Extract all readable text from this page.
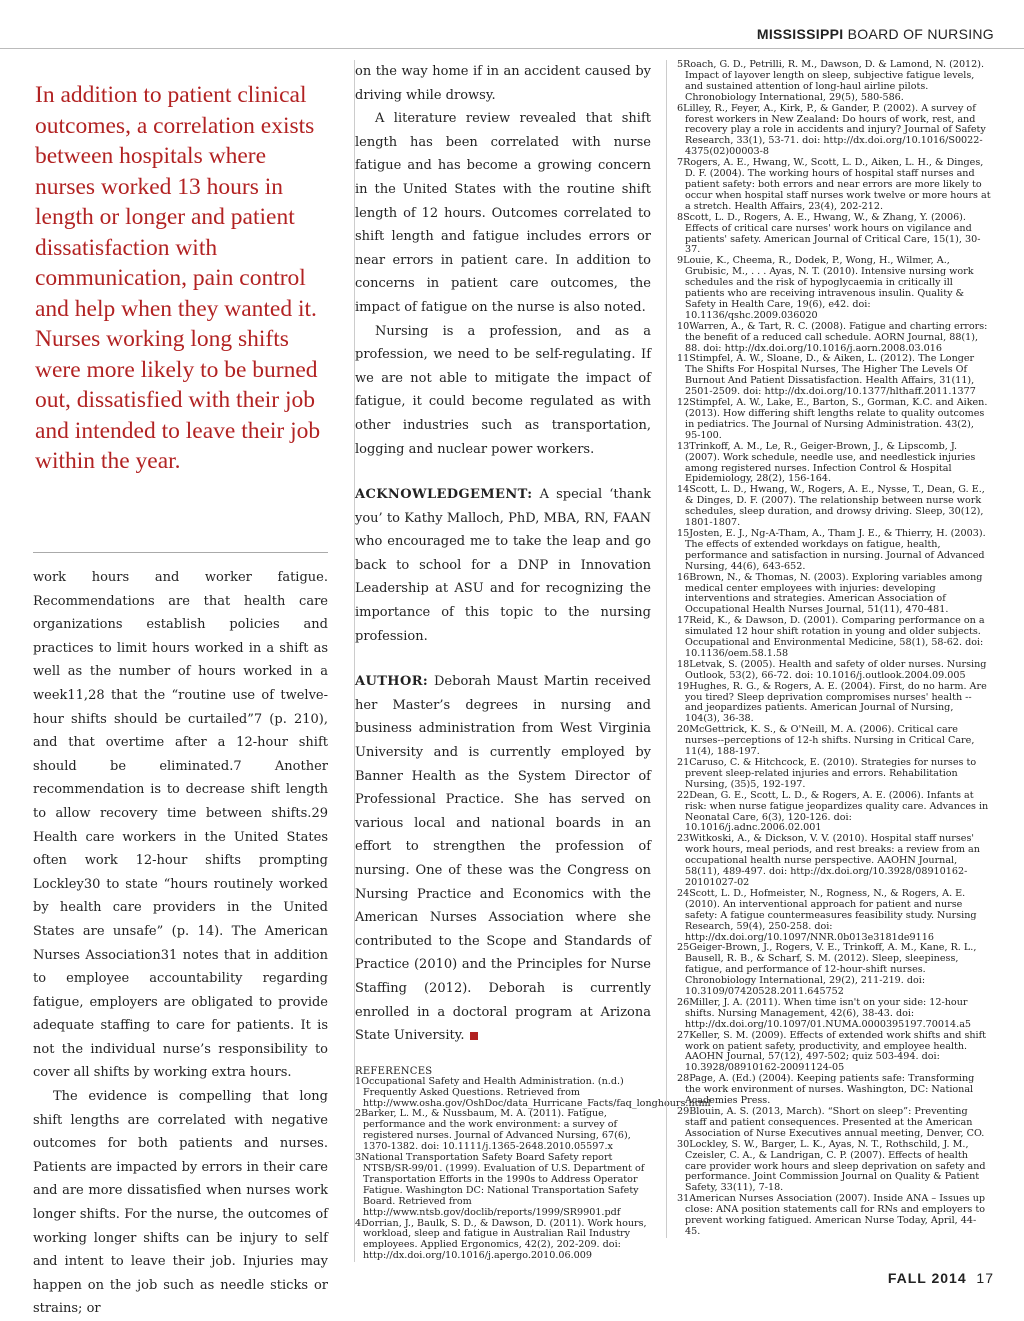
MISSISSIPPI BOARD OF NURSING
In addition to patient clinical outcomes, a correlation exists between hospitals where nurses worked 13 hours in length or longer and patient dissatisfaction with communication, pain control and help when they wanted it. Nurses working long shifts were more likely to be burned out, dissatisfied with their job and intended to leave their job within the year.

work hours and worker fatigue. Recommendations are that health care organizations establish policies and practices to limit hours worked in a shift as well as the number of hours worked in a week11,28 that the “routine use of twelve-hour shifts should be curtailed”7 (p. 210), and that overtime after a 12-hour shift should be eliminated.7 Another recommendation is to decrease shift length to allow recovery time between shifts.29 Health care workers in the United States often work 12-hour shifts prompting Lockley30 to state “hours routinely worked by health care providers in the United States are unsafe” (p. 14). The American Nurses Association31 notes that in addition to employee accountability regarding fatigue, employers are obligated to provide adequate staffing to care for patients. It is not the individual nurse’s responsibility to cover all shifts by working extra hours.

The evidence is compelling that long shift lengths are correlated with negative outcomes for both patients and nurses. Patients are impacted by errors in their care and are more dissatisfied when nurses work longer shifts. For the nurse, the outcomes of working longer shifts can be injury to self and intent to leave their job. Injuries may happen on the job such as needle sticks or strains; or

on the way home if in an accident caused by driving while drowsy.

A literature review revealed that shift length has been correlated with nurse fatigue and has become a growing concern in the United States with the routine shift length of 12 hours. Outcomes correlated to shift length and fatigue includes errors or near errors in patient care. In addition to concerns in patient care outcomes, the impact of fatigue on the nurse is also noted.

Nursing is a profession, and as a profession, we need to be self-regulating. If we are not able to mitigate the impact of fatigue, it could become regulated as with other industries such as transportation, logging and nuclear power workers.

ACKNOWLEDGEMENT: A special ‘thank you’ to Kathy Malloch, PhD, MBA, RN, FAAN who encouraged me to take the leap and go back to school for a DNP in Innovation Leadership at ASU and for recognizing the importance of this topic to the nursing profession.

AUTHOR: Deborah Maust Martin received her Master’s degrees in nursing and business administration from West Virginia University and is currently employed by Banner Health as the System Director of Professional Practice. She has served on various local and national boards in an effort to strengthen the profession of nursing. One of these was the Congress on Nursing Practice and Economics with the American Nurses Association where she contributed to the Scope and Standards of Practice (2010) and the Principles for Nurse Staffing (2012). Deborah is currently enrolled in a doctoral program at Arizona State University.

REFERENCES

1Occupational Safety and Health Administration. (n.d.) Frequently Asked Questions. Retrieved from http://www.osha.gov/OshDoc/data_Hurricane_Facts/faq_longhours.html

2Barker, L. M., & Nussbaum, M. A. (2011). Fatigue, performance and the work environment: a survey of registered nurses. Journal of Advanced Nursing, 67(6), 1370-1382. doi: 10.1111/j.1365-2648.2010.05597.x

3National Transportation Safety Board Safety report NTSB/SR-99/01. (1999). Evaluation of U.S. Department of Transportation Efforts in the 1990s to Address Operator Fatigue. Washington DC: National Transportation Safety Board. Retrieved from http://www.ntsb.gov/doclib/reports/1999/SR9901.pdf

4Dorrian, J., Baulk, S. D., & Dawson, D. (2011). Work hours, workload, sleep and fatigue in Australian Rail Industry employees. Applied Ergonomics, 42(2), 202-209. doi: http://dx.doi.org/10.1016/j.apergo.2010.06.009

5Roach, G. D., Petrilli, R. M., Dawson, D. & Lamond, N. (2012). Impact of layover length on sleep, subjective fatigue levels, and sustained attention of long-haul airline pilots. Chronobiology International, 29(5), 580-586.

6Lilley, R., Feyer, A., Kirk, P., & Gander, P. (2002). A survey of forest workers in New Zealand: Do hours of work, rest, and recovery play a role in accidents and injury? Journal of Safety Research, 33(1), 53-71. doi: http://dx.doi.org/10.1016/S0022-4375(02)00003-8

7Rogers, A. E., Hwang, W., Scott, L. D., Aiken, L. H., & Dinges, D. F. (2004). The working hours of hospital staff nurses and patient safety: both errors and near errors are more likely to occur when hospital staff nurses work twelve or more hours at a stretch. Health Affairs, 23(4), 202-212.

8Scott, L. D., Rogers, A. E., Hwang, W., & Zhang, Y. (2006). Effects of critical care nurses' work hours on vigilance and patients' safety. American Journal of Critical Care, 15(1), 30-37.

9Louie, K., Cheema, R., Dodek, P., Wong, H., Wilmer, A., Grubisic, M., . . . Ayas, N. T. (2010). Intensive nursing work schedules and the risk of hypoglycaemia in critically ill patients who are receiving intravenous insulin. Quality & Safety in Health Care, 19(6), e42. doi: 10.1136/qshc.2009.036020

10Warren, A., & Tart, R. C. (2008). Fatigue and charting errors: the benefit of a reduced call schedule. AORN Journal, 88(1), 88. doi: http://dx.doi.org/10.1016/j.aorn.2008.03.016

11Stimpfel, A. W., Sloane, D., & Aiken, L. (2012). The Longer The Shifts For Hospital Nurses, The Higher The Levels Of Burnout And Patient Dissatisfaction. Health Affairs, 31(11), 2501-2509. doi: http://dx.doi.org/10.1377/hlthaff.2011.1377

12Stimpfel, A. W., Lake, E., Barton, S., Gorman, K.C. and Aiken. (2013). How differing shift lengths relate to quality outcomes in pediatrics. The Journal of Nursing Administration. 43(2), 95-100.

13Trinkoff, A. M., Le, R., Geiger-Brown, J., & Lipscomb, J. (2007). Work schedule, needle use, and needlestick injuries among registered nurses. Infection Control & Hospital Epidemiology, 28(2), 156-164.

14Scott, L. D., Hwang, W., Rogers, A. E., Nysse, T., Dean, G. E., & Dinges, D. F. (2007). The relationship between nurse work schedules, sleep duration, and drowsy driving. Sleep, 30(12), 1801-1807.

15Josten, E. J., Ng-A-Tham, A., Tham J. E., & Thierry, H. (2003). The effects of extended workdays on fatigue, health, performance and satisfaction in nursing. Journal of Advanced Nursing, 44(6), 643-652.

16Brown, N., & Thomas, N. (2003). Exploring variables among medical center employees with injuries: developing interventions and strategies. American Association of Occupational Health Nurses Journal, 51(11), 470-481.

17Reid, K., & Dawson, D. (2001). Comparing performance on a simulated 12 hour shift rotation in young and older subjects. Occupational and Environmental Medicine, 58(1), 58-62. doi: 10.1136/oem.58.1.58

18Letvak, S. (2005). Health and safety of older nurses. Nursing Outlook, 53(2), 66-72. doi: 10.1016/j.outlook.2004.09.005

19Hughes, R. G., & Rogers, A. E. (2004). First, do no harm. Are you tired? Sleep deprivation compromises nurses' health -- and jeopardizes patients. American Journal of Nursing, 104(3), 36-38.

20McGettrick, K. S., & O'Neill, M. A. (2006). Critical care nurses--perceptions of 12-h shifts. Nursing in Critical Care, 11(4), 188-197.

21Caruso, C. & Hitchcock, E. (2010). Strategies for nurses to prevent sleep-related injuries and errors. Rehabilitation Nursing, (35)5, 192-197.

22Dean, G. E., Scott, L. D., & Rogers, A. E. (2006). Infants at risk: when nurse fatigue jeopardizes quality care. Advances in Neonatal Care, 6(3), 120-126. doi: 10.1016/j.adnc.2006.02.001

23Witkoski, A., & Dickson, V. V. (2010). Hospital staff nurses' work hours, meal periods, and rest breaks: a review from an occupational health nurse perspective. AAOHN Journal, 58(11), 489-497. doi: http://dx.doi.org/10.3928/08910162-20101027-02

24Scott, L. D., Hofmeister, N., Rogness, N., & Rogers, A. E. (2010). An interventional approach for patient and nurse safety: A fatigue countermeasures feasibility study. Nursing Research, 59(4), 250-258. doi: http://dx.doi.org/10.1097/NNR.0b013e3181de9116

25Geiger-Brown, J., Rogers, V. E., Trinkoff, A. M., Kane, R. L., Bausell, R. B., & Scharf, S. M. (2012). Sleep, sleepiness, fatigue, and performance of 12-hour-shift nurses. Chronobiology International, 29(2), 211-219. doi: 10.3109/07420528.2011.645752

26Miller, J. A. (2011). When time isn't on your side: 12-hour shifts. Nursing Management, 42(6), 38-43. doi: http://dx.doi.org/10.1097/01.NUMA.0000395197.70014.a5

27Keller, S. M. (2009). Effects of extended work shifts and shift work on patient safety, productivity, and employee health. AAOHN Journal, 57(12), 497-502; quiz 503-494. doi: 10.3928/08910162-20091124-05

28Page, A. (Ed.) (2004). Keeping patients safe: Transforming the work environment of nurses. Washington, DC: National Academies Press.

29Blouin, A. S. (2013, March). “Short on sleep”: Preventing staff and patient consequences. Presented at the American Association of Nurse Executives annual meeting, Denver, CO.

30Lockley, S. W., Barger, L. K., Ayas, N. T., Rothschild, J. M., Czeisler, C. A., & Landrigan, C. P. (2007). Effects of health care provider work hours and sleep deprivation on safety and performance. Joint Commission Journal on Quality & Patient Safety, 33(11), 7-18.

31American Nurses Association (2007). Inside ANA – Issues up close: ANA position statements call for RNs and employers to prevent working fatigued. American Nurse Today, April, 44-45.

FALL 2014 17
